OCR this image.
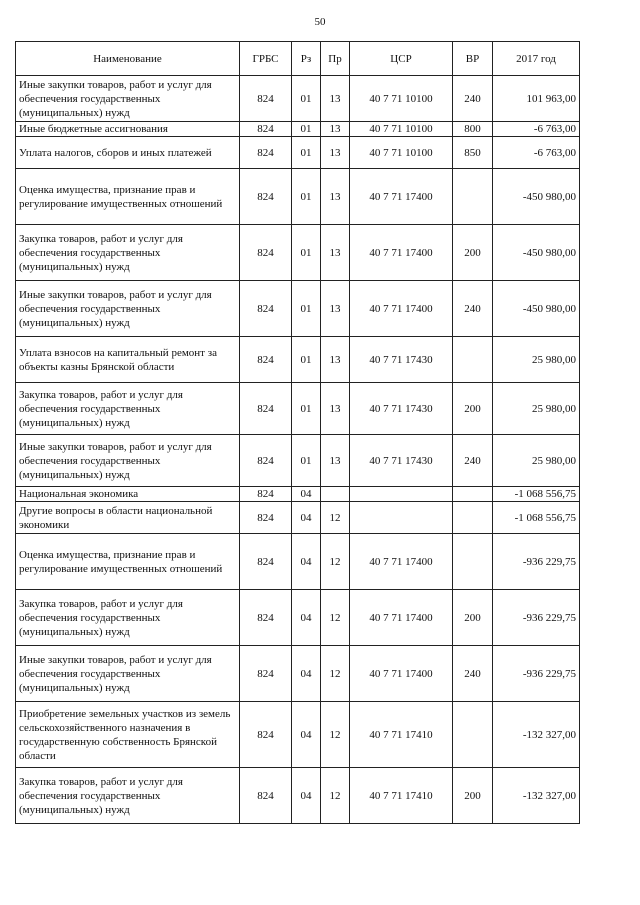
50
Наименование	ГРБС	Рз	Пр	ЦСР	ВР	2017 год
Иные закупки товаров, работ и услуг для обеспечения государственных (муниципальных) нужд	824	01	13	40 7 71 10100	240	101 963,00
Иные бюджетные ассигнования	824	01	13	40 7 71 10100	800	-6 763,00
Уплата налогов, сборов и иных платежей	824	01	13	40 7 71 10100	850	-6 763,00
Оценка имущества, признание прав и регулирование имущественных отношений	824	01	13	40 7 71 17400		-450 980,00
Закупка товаров, работ и услуг для обеспечения государственных (муниципальных) нужд	824	01	13	40 7 71 17400	200	-450 980,00
Иные закупки товаров, работ и услуг для обеспечения государственных (муниципальных) нужд	824	01	13	40 7 71 17400	240	-450 980,00
Уплата взносов на капитальный ремонт за объекты казны Брянской области	824	01	13	40 7 71 17430		25 980,00
Закупка товаров, работ и услуг для обеспечения государственных (муниципальных) нужд	824	01	13	40 7 71 17430	200	25 980,00
Иные закупки товаров, работ и услуг для обеспечения государственных (муниципальных) нужд	824	01	13	40 7 71 17430	240	25 980,00
Национальная экономика	824	04				-1 068 556,75
Другие вопросы в области национальной экономики	824	04	12			-1 068 556,75
Оценка имущества, признание прав и регулирование имущественных отношений	824	04	12	40 7 71 17400		-936 229,75
Закупка товаров, работ и услуг для обеспечения государственных (муниципальных) нужд	824	04	12	40 7 71 17400	200	-936 229,75
Иные закупки товаров, работ и услуг для обеспечения государственных (муниципальных) нужд	824	04	12	40 7 71 17400	240	-936 229,75
Приобретение земельных участков из земель сельскохозяйственного назначения в государственную собственность Брянской области	824	04	12	40 7 71 17410		-132 327,00
Закупка товаров, работ и услуг для обеспечения государственных (муниципальных) нужд	824	04	12	40 7 71 17410	200	-132 327,00
